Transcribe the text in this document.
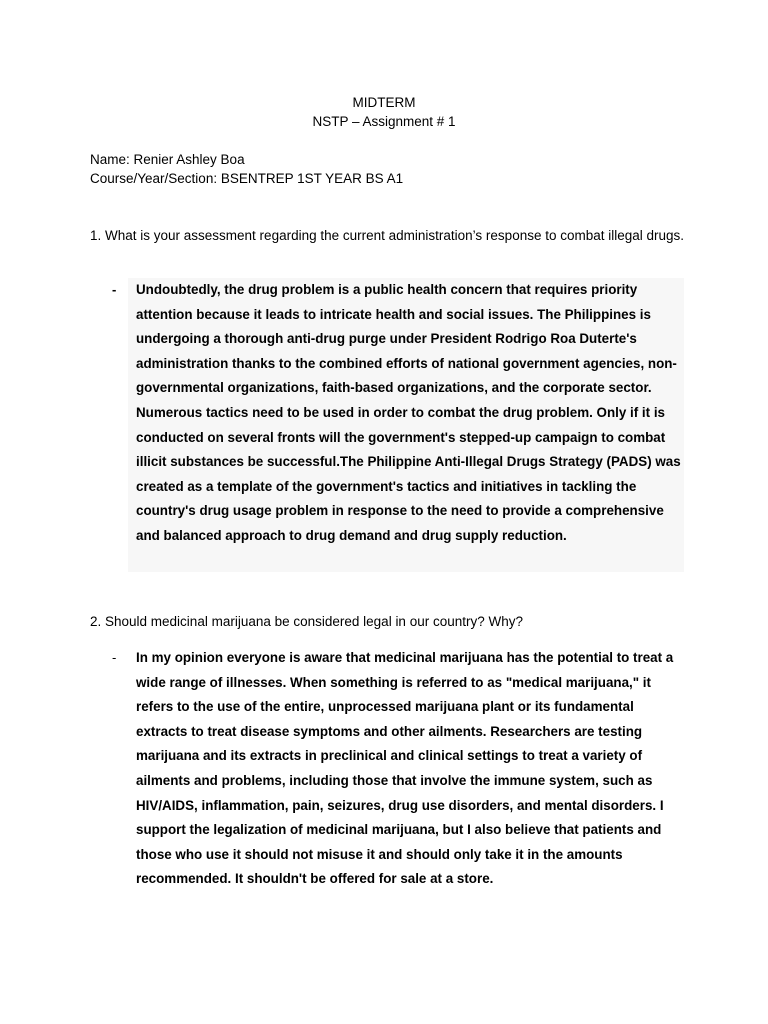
MIDTERM
NSTP – Assignment # 1
Name: Renier Ashley Boa
Course/Year/Section: BSENTREP 1ST YEAR BS A1
1. What is your assessment regarding the current administration’s response to combat illegal drugs.
- Undoubtedly, the drug problem is a public health concern that requires priority attention because it leads to intricate health and social issues. The Philippines is undergoing a thorough anti-drug purge under President Rodrigo Roa Duterte's administration thanks to the combined efforts of national government agencies, non-governmental organizations, faith-based organizations, and the corporate sector. Numerous tactics need to be used in order to combat the drug problem. Only if it is conducted on several fronts will the government's stepped-up campaign to combat illicit substances be successful.The Philippine Anti-Illegal Drugs Strategy (PADS) was created as a template of the government's tactics and initiatives in tackling the country's drug usage problem in response to the need to provide a comprehensive and balanced approach to drug demand and drug supply reduction.
2. Should medicinal marijuana be considered legal in our country? Why?
- In my opinion everyone is aware that medicinal marijuana has the potential to treat a wide range of illnesses. When something is referred to as "medical marijuana," it refers to the use of the entire, unprocessed marijuana plant or its fundamental extracts to treat disease symptoms and other ailments. Researchers are testing marijuana and its extracts in preclinical and clinical settings to treat a variety of ailments and problems, including those that involve the immune system, such as HIV/AIDS, inflammation, pain, seizures, drug use disorders, and mental disorders. I support the legalization of medicinal marijuana, but I also believe that patients and those who use it should not misuse it and should only take it in the amounts recommended. It shouldn't be offered for sale at a store.
